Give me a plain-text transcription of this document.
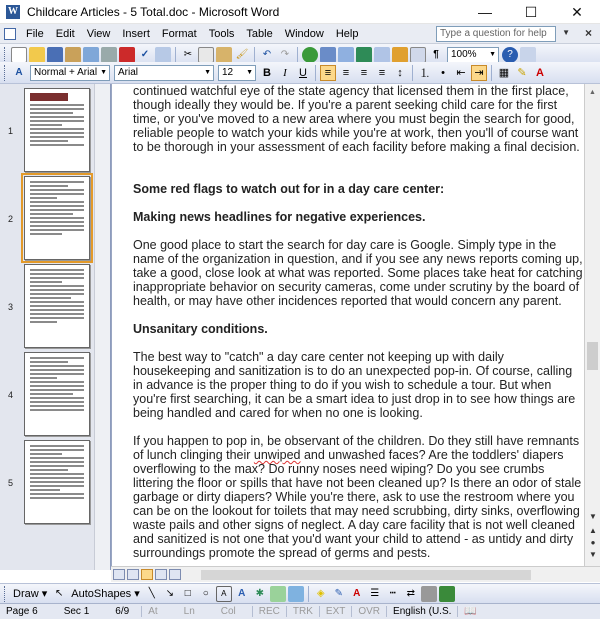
W Childcare Articles - 5 Total.doc - Microsoft Word	—	☐	✕
File	Edit	View	Insert	Format	Tools	Table	Window	Help	Type a question for help	▼ ×
✓	✂	🖌	↶ ↷	¶	100% ▼	?
A	Normal + Arial ▼	Arial	▼	12 ▼ B	I	U	≡	≡	≡	≡	↕	⒈ •	⇤ ⇥	▦ ✎ A
1
2
3
4
5

continued watchful eye of the state agency that licensed them in the first place, though ideally they would be. If you're a parent seeking child care for the first time, or you've moved to a new area where you must begin the search for good, reliable people to watch your kids while you're at work, then you'll of course want to be thorough in your assessment of each facility before making a final decision.

Some red flags to watch out for in a day care center:
Making news headlines for negative experiences.

One good place to start the search for day care is Google. Simply type in the name of the organization in question, and if you see any news reports coming up, take a good, close look at what was reported. Some places take heat for catching inappropriate behavior on security cameras, come under scrutiny by the board of health, or may have other incidences reported that would concern any parent.

Unsanitary conditions.

The best way to "catch" a day care center not keeping up with daily housekeeping and sanitization is to do an unexpected pop-in. Of course, calling in advance is the proper thing to do if you wish to schedule a tour. But when you're first searching, it can be a smart idea to just drop in to see how things are being handled and cared for when no one is looking.

If you happen to pop in, be observant of the children. Do they still have remnants of lunch clinging their unwiped and unwashed faces? Are the toddlers' diapers overflowing to the max? Do runny noses need wiping? Do you see crumbs littering the floor or spills that have not been cleaned up? Is there an odor of stale garbage or dirty diapers? While you're there, ask to use the restroom where you can be on the lookout for toilets that may need scrubbing, dirty sinks, overflowing waste pails and other signs of neglect. A day care facility that is not well cleaned and sanitized is not one that you'd want your child to attend - as untidy and dirty surroundings promote the spread of germs and pests.

▲
▼
▲
●
▼
Draw ▾ ↖ AutoShapes ▾ ╲	↘	□	○	A	A	✱	◈ ✎	A ☰	┅	⇄
Page 6	Sec 1	6/9	At	Ln	Col	REC	TRK	EXT	OVR	English (U.S.	📖
